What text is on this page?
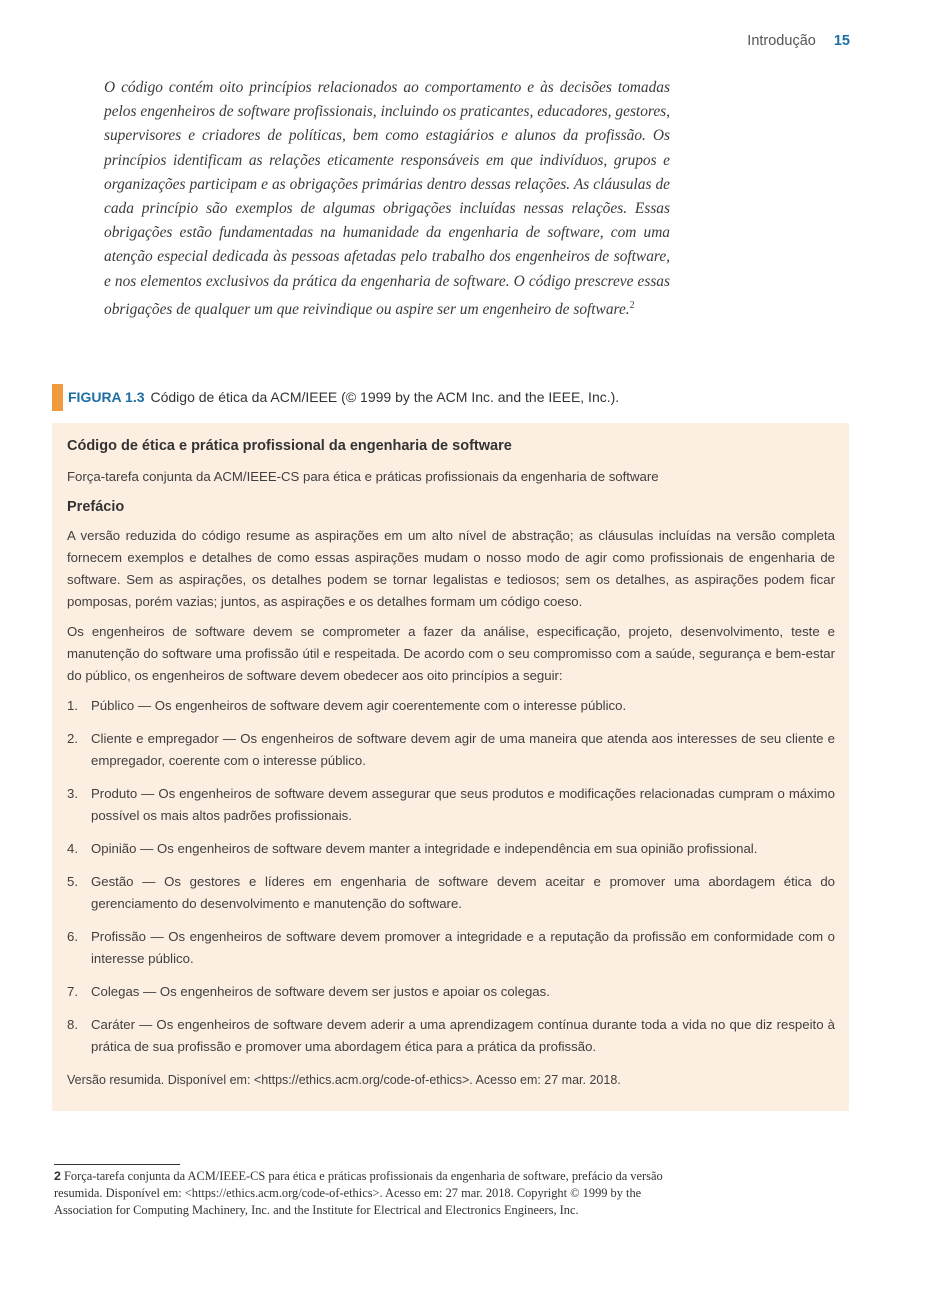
Introdução 15

O código contém oito princípios relacionados ao comportamento e às decisões tomadas pelos engenheiros de software profissionais, incluindo os praticantes, educadores, gestores, supervisores e criadores de políticas, bem como estagiários e alunos da profissão. Os princípios identificam as relações eticamente responsáveis em que indivíduos, grupos e organizações participam e as obrigações primárias dentro dessas relações. As cláusulas de cada princípio são exemplos de algumas obrigações incluídas nessas relações. Essas obrigações estão fundamentadas na humanidade da engenharia de software, com uma atenção especial dedicada às pessoas afetadas pelo trabalho dos engenheiros de software, e nos elementos exclusivos da prática da engenharia de software. O código prescreve essas obrigações de qualquer um que reivindique ou aspire ser um engenheiro de software.$^2$

FIGURA 1.3 Código de ética da ACM/IEEE (© 1999 by the ACM Inc. and the IEEE, Inc.).
Código de ética e prática profissional da engenharia de software
Força-tarefa conjunta da ACM/IEEE-CS para ética e práticas profissionais da engenharia de software
Prefácio

A versão reduzida do código resume as aspirações em um alto nível de abstração; as cláusulas incluídas na versão completa fornecem exemplos e detalhes de como essas aspirações mudam o nosso modo de agir como profissionais de engenharia de software. Sem as aspirações, os detalhes podem se tornar legalistas e tediosos; sem os detalhes, as aspirações podem ficar pomposas, porém vazias; juntos, as aspirações e os detalhes formam um código coeso.

Os engenheiros de software devem se comprometer a fazer da análise, especificação, projeto, desenvolvimento, teste e manutenção do software uma profissão útil e respeitada. De acordo com o seu compromisso com a saúde, segurança e bem-estar do público, os engenheiros de software devem obedecer aos oito princípios a seguir:

1. Público — Os engenheiros de software devem agir coerentemente com o interesse público.
2. Cliente e empregador — Os engenheiros de software devem agir de uma maneira que atenda aos interesses de seu cliente e empregador, coerente com o interesse público.
3. Produto — Os engenheiros de software devem assegurar que seus produtos e modificações relacionadas cumpram o máximo possível os mais altos padrões profissionais.
4. Opinião — Os engenheiros de software devem manter a integridade e independência em sua opinião profissional.
5. Gestão — Os gestores e líderes em engenharia de software devem aceitar e promover uma abordagem ética do gerenciamento do desenvolvimento e manutenção do software.
6. Profissão — Os engenheiros de software devem promover a integridade e a reputação da profissão em conformidade com o interesse público.
7. Colegas — Os engenheiros de software devem ser justos e apoiar os colegas.
8. Caráter — Os engenheiros de software devem aderir a uma aprendizagem contínua durante toda a vida no que diz respeito à prática de sua profissão e promover uma abordagem ética para a prática da profissão.
Versão resumida. Disponível em: <https://ethics.acm.org/code-of-ethics>. Acesso em: 27 mar. 2018.

2 Força-tarefa conjunta da ACM/IEEE-CS para ética e práticas profissionais da engenharia de software, prefácio da versão resumida. Disponível em: <https://ethics.acm.org/code-of-ethics>. Acesso em: 27 mar. 2018. Copyright © 1999 by the Association for Computing Machinery, Inc. and the Institute for Electrical and Electronics Engineers, Inc.
